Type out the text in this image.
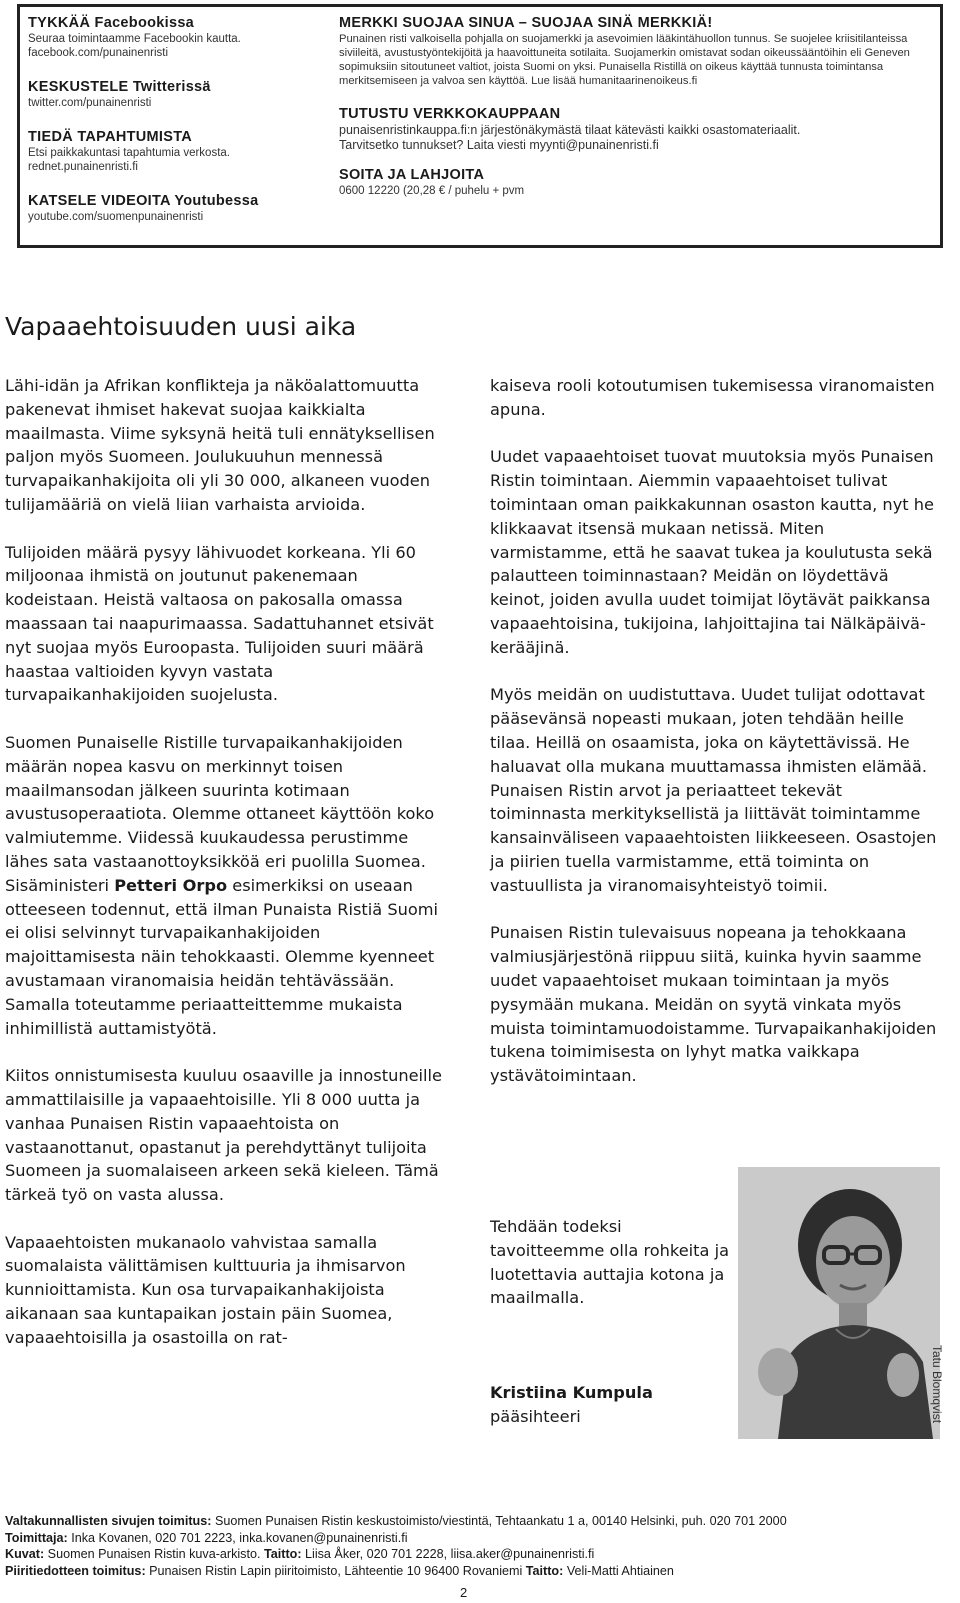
TYKKÄÄ Facebookissa
Seuraa toimintaamme Facebookin kautta.
facebook.com/punainenristi
KESKUSTELE Twitterissä
twitter.com/punainenristi
TIEDÄ TAPAHTUMISTA
Etsi paikkakuntasi tapahtumia verkosta.
rednet.punainenristi.fi
KATSELE VIDEOITA Youtubessa
youtube.com/suomenpunainenristi
MERKKI SUOJAA SINUA – SUOJAA SINÄ MERKKIÄ!
Punainen risti valkoisella pohjalla on suojamerkki ja asevoimien lääkintähuollon tunnus. Se suojelee kriisitilanteissa siviileitä, avustustyöntekijöitä ja haavoittuneita sotilaita. Suojamerkin omistavat sodan oikeussääntöihin eli Geneven sopimuksiin sitoutuneet valtiot, joista Suomi on yksi. Punaisella Ristillä on oikeus käyttää tunnusta toimintansa merkitsemiseen ja valvoa sen käyttöä. Lue lisää humanitaarinenoikeus.fi
TUTUSTU VERKKOKAUPPAAN
punaisenristinkauppa.fi:n järjestönäkymästä tilaat kätevästi kaikki osastomateriaalit.
Tarvitsetko tunnukset? Laita viesti myynti@punainenristi.fi
SOITA JA LAHJOITA
0600 12220 (20,28 € / puhelu + pvm
Vapaaehtoisuuden uusi aika

Lähi-idän ja Afrikan konflikteja ja näköalattomuutta pakenevat ihmiset hakevat suojaa kaikkialta maailmasta. Viime syksynä heitä tuli ennätyksellisen paljon myös Suomeen. Joulukuuhun mennessä turvapaikanhakijoita oli yli 30 000, alkaneen vuoden tulijamääriä on vielä liian varhaista arvioida.

Tulijoiden määrä pysyy lähivuodet korkeana. Yli 60 miljoonaa ihmistä on joutunut pakenemaan kodeistaan. Heistä valtaosa on pakosalla omassa maassaan tai naapurimaassa. Sadattuhannet etsivät nyt suojaa myös Euroopasta. Tulijoiden suuri määrä haastaa valtioiden kyvyn vastata turvapaikanhakijoiden suojelusta.

Suomen Punaiselle Ristille turvapaikanhakijoiden määrän nopea kasvu on merkinnyt toisen maailmansodan jälkeen suurinta kotimaan avustusoperaatiota. Olemme ottaneet käyttöön koko valmiutemme. Viidessä kuukaudessa perustimme lähes sata vastaanottoyksikköä eri puolilla Suomea. Sisäministeri Petteri Orpo esimerkiksi on useaan otteeseen todennut, että ilman Punaista Ristiä Suomi ei olisi selvinnyt turvapaikanhakijoiden majoittamisesta näin tehokkaasti. Olemme kyenneet avustamaan viranomaisia heidän tehtävässään. Samalla toteutamme periaatteittemme mukaista inhimillistä auttamistyötä.

Kiitos onnistumisesta kuuluu osaaville ja innostuneille ammattilaisille ja vapaaehtoisille. Yli 8 000 uutta ja vanhaa Punaisen Ristin vapaaehtoista on vastaanottanut, opastanut ja perehdyttänyt tulijoita Suomeen ja suomalaiseen arkeen sekä kieleen. Tämä tärkeä työ on vasta alussa.

Vapaaehtoisten mukanaolo vahvistaa samalla suomalaista välittämisen kulttuuria ja ihmisarvon kunnioittamista. Kun osa turvapaikanhakijoista aikanaan saa kuntapaikan jostain päin Suomea, vapaaehtoisilla ja osastoilla on rat-

kaiseva rooli kotoutumisen tukemisessa viranomaisten apuna.

Uudet vapaaehtoiset tuovat muutoksia myös Punaisen Ristin toimintaan. Aiemmin vapaaehtoiset tulivat toimintaan oman paikkakunnan osaston kautta, nyt he klikkaavat itsensä mukaan netissä. Miten varmistamme, että he saavat tukea ja koulutusta sekä palautteen toiminnastaan? Meidän on löydettävä keinot, joiden avulla uudet toimijat löytävät paikkansa vapaaehtoisina, tukijoina, lahjoittajina tai Nälkäpäivä-kerääjinä.

Myös meidän on uudistuttava. Uudet tulijat odottavat pääsevänsä nopeasti mukaan, joten tehdään heille tilaa. Heillä on osaamista, joka on käytettävissä. He haluavat olla mukana muuttamassa ihmisten elämää. Punaisen Ristin arvot ja periaatteet tekevät toiminnasta merkityksellistä ja liittävät toimintamme kansainväliseen vapaaehtoisten liikkeeseen. Osastojen ja piirien tuella varmistamme, että toiminta on vastuullista ja viranomaisyhteistyö toimii.

Punaisen Ristin tulevaisuus nopeana ja tehokkaana valmiusjärjestönä riippuu siitä, kuinka hyvin saamme uudet vapaaehtoiset mukaan toimintaan ja myös pysymään mukana. Meidän on syytä vinkata myös muista toimintamuodoistamme. Turvapaikanhakijoiden tukena toimimisesta on lyhyt matka vaikkapa ystävätoimintaan.

Tehdään todeksi tavoitteemme olla rohkeita ja luotettavia auttajia kotona ja maailmalla.
Kristiina Kumpula
pääsihteeri	Tatu Blomqvist
Valtakunnallisten sivujen toimitus: Suomen Punaisen Ristin keskustoimisto/viestintä, Tehtaankatu 1 a, 00140 Helsinki, puh. 020 701 2000
Toimittaja: Inka Kovanen, 020 701 2223, inka.kovanen@punainenristi.fi
Kuvat: Suomen Punaisen Ristin kuva-arkisto. Taitto: Liisa Åker, 020 701 2228, liisa.aker@punainenristi.fi
Piiritiedotteen toimitus: Punaisen Ristin Lapin piiritoimisto, Lähteentie 10 96400 Rovaniemi Taitto: Veli-Matti Ahtiainen
2
